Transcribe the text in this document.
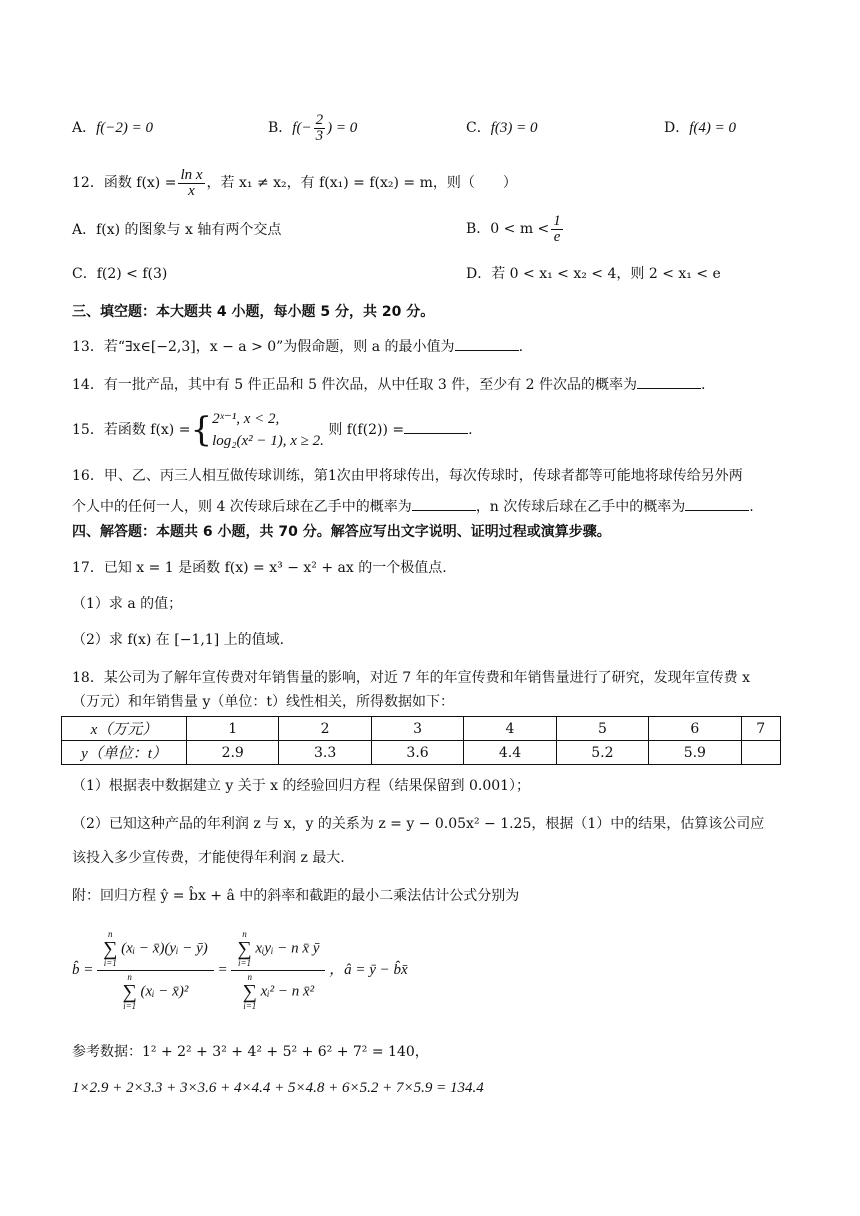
A．f(−2) = 0	B．$f(- \frac{2}{3}$ ) = 0	C．f(3) = 0	D．f(4) = 0
12．函数 $f(x) = \frac{\text{ln x}}{x}$ ，若 x₁ ≠ x₂，有 f(x₁) = f(x₂) = m，则（　　）
A．f(x) 的图象与 x 轴有两个交点	B．$0 < m < \frac{1}{e}$
C．f(2) < f(3)	D．若 0 < x₁ < x₂ < 4，则 2 < x₁ < e
三、填空题：本大题共 4 小题，每小题 5 分，共 20 分。
13．若“∃x∈[−2,3]，x − a > 0”为假命题，则 a 的最小值为	.
14．有一批产品，其中有 5 件正品和 5 件次品，从中任取 3 件，至少有 2 件次品的概率为	.
15．若函数 f(x) ={ 2ˣ⁻¹, x < 2,
log₂(x² − 1), x ≥ 2.
则 f(f(2)) =	.
16．甲、乙、丙三人相互做传球训练，第1次由甲将球传出，每次传球时，传球者都等可能地将球传给另外两
个人中的任何一人，则 4 次传球后球在乙手中的概率为	，n 次传球后球在乙手中的概率为	.
四、解答题：本题共 6 小题，共 70 分。解答应写出文字说明、证明过程或演算步骤。
17．已知 x = 1 是函数 f(x) = x³ − x² + ax 的一个极值点.
（1）求 a 的值；
（2）求 f(x) 在 [−1,1] 上的值域.
18．某公司为了解年宣传费对年销售量的影响，对近 7 年的年宣传费和年销售量进行了研究，发现年宣传费 x
（万元）和年销售量 y（单位：t）线性相关，所得数据如下：
x（万元）	1	2	3	4	5	6	7
y（单位：t）	2.9	3.3	3.6	4.4	5.2	5.9	
（1）根据表中数据建立 y 关于 x 的经验回归方程（结果保留到 0.001）；
（2）已知这种产品的年利润 z 与 x，y 的关系为 z = y − 0.05x² − 1.25，根据（1）中的结果，估算该公司应
该投入多少宣传费，才能使得年利润 z 最大.
附：回归方程 ŷ = b̂x + â 中的斜率和截距的最小二乘法估计公式分别为
b̂ = n
∑
i=1 (xᵢ − x̄)(yᵢ − ȳ)
n
∑
i=1 (xᵢ − x̄)² = n
∑
i=1 xᵢyᵢ − n x̄ ȳ
n
∑
i=1 xᵢ² − n x̄² ，â = ȳ − b̂x̄
参考数据：1² + 2² + 3² + 4² + 5² + 6² + 7² = 140，
1×2.9 + 2×3.3 + 3×3.6 + 4×4.4 + 5×4.8 + 6×5.2 + 7×5.9 = 134.4
